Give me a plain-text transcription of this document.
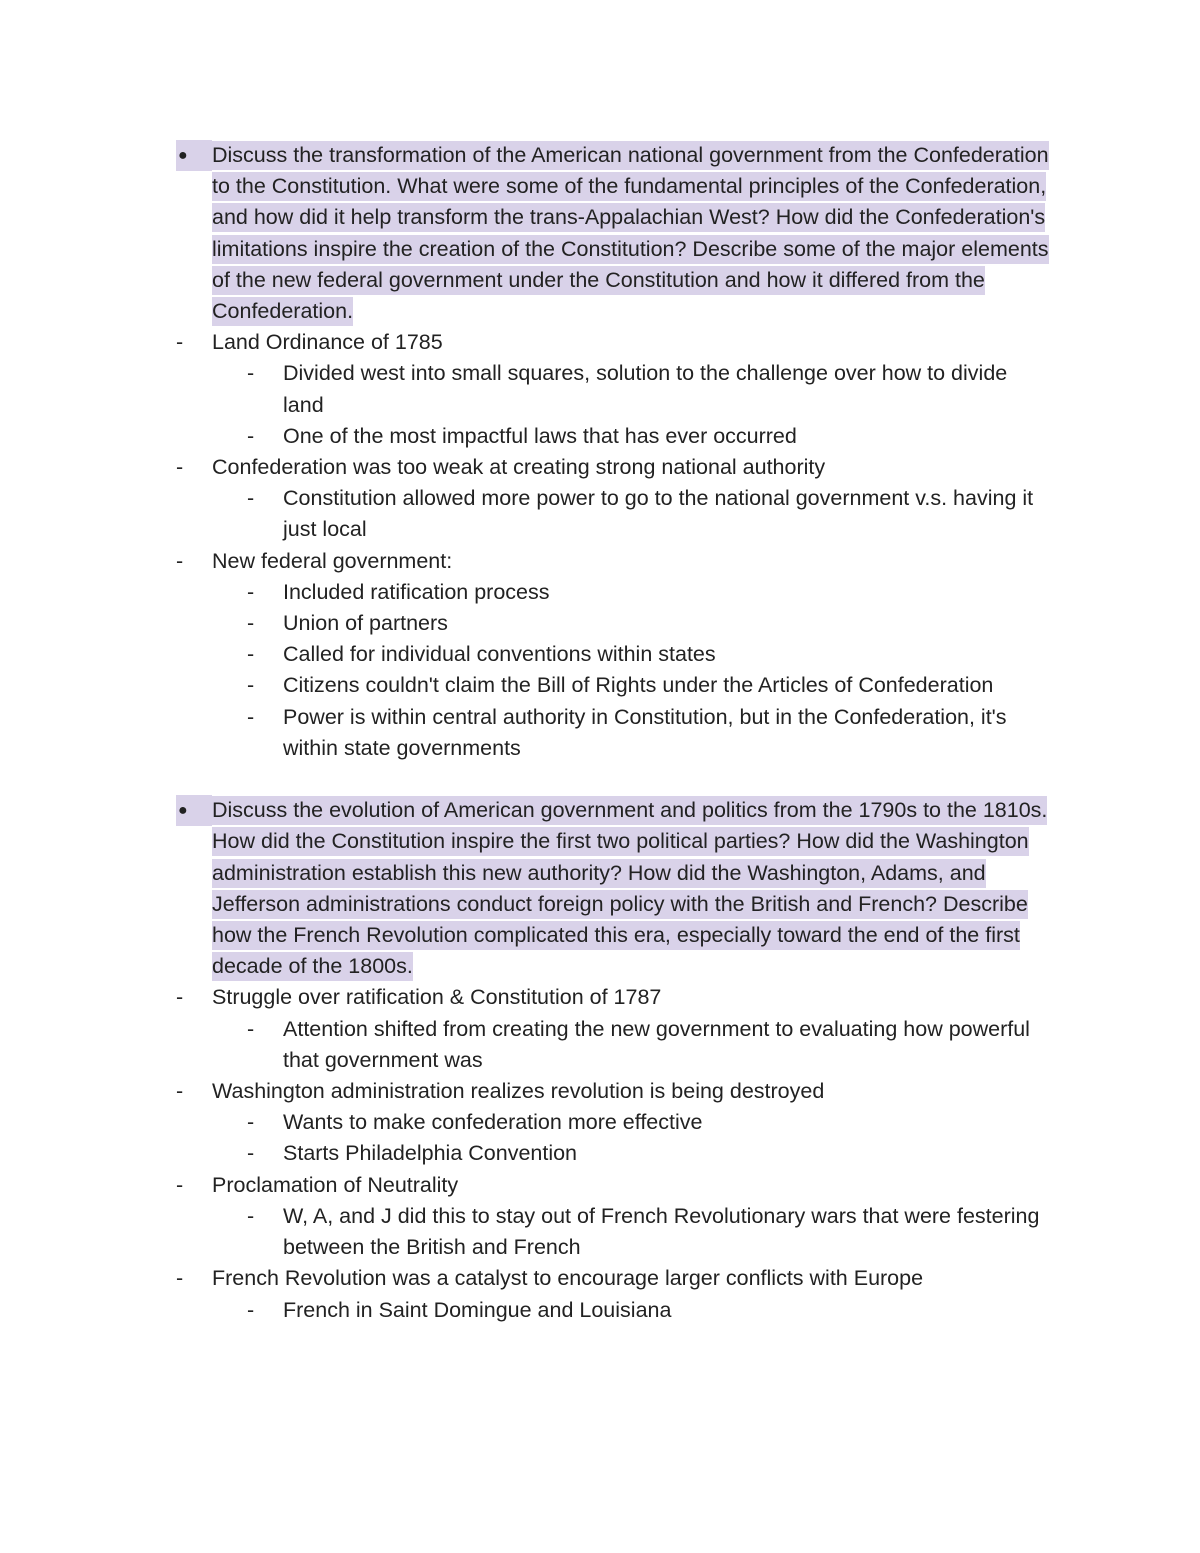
●	Discuss the transformation of the American national government from the Confederation to the Constitution. What were some of the fundamental principles of the Confederation, and how did it help transform the trans-Appalachian West? How did the Confederation's limitations inspire the creation of the Constitution? Describe some of the major elements of the new federal government under the Constitution and how it differed from the Confederation.
-	Land Ordinance of 1785
-	Divided west into small squares, solution to the challenge over how to divide land
-	One of the most impactful laws that has ever occurred
-	Confederation was too weak at creating strong national authority
-	Constitution allowed more power to go to the national government v.s. having it just local
-	New federal government:
-	Included ratification process
-	Union of partners
-	Called for individual conventions within states
-	Citizens couldn't claim the Bill of Rights under the Articles of Confederation
-	Power is within central authority in Constitution, but in the Confederation, it's within state governments
●	Discuss the evolution of American government and politics from the 1790s to the 1810s. How did the Constitution inspire the first two political parties? How did the Washington administration establish this new authority? How did the Washington, Adams, and Jefferson administrations conduct foreign policy with the British and French? Describe how the French Revolution complicated this era, especially toward the end of the first decade of the 1800s.
-	Struggle over ratification & Constitution of 1787
-	Attention shifted from creating the new government to evaluating how powerful that government was
-	Washington administration realizes revolution is being destroyed
-	Wants to make confederation more effective
-	Starts Philadelphia Convention
-	Proclamation of Neutrality
-	W, A, and J did this to stay out of French Revolutionary wars that were festering between the British and French
-	French Revolution was a catalyst to encourage larger conflicts with Europe
-	French in Saint Domingue and Louisiana
